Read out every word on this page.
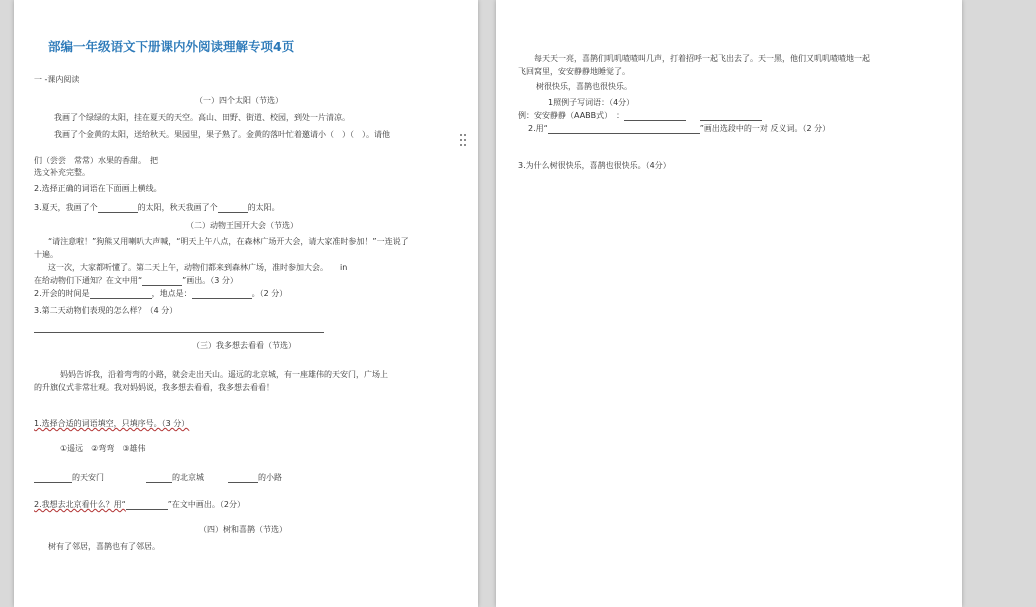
部编一年级语文下册课内外阅读理解专项4页
一 -课内阅读
（一）四个太阳（节选）
我画了个绿绿的太阳，挂在夏天的天空。高山、田野、街道、校园，到处一片清凉。
我画了个金黄的太阳，送给秋天。果园里，果子熟了。金黄的落叶忙着邀请小（　）（　）。请他
们（尝尝　常常）水果的香甜。　把
选文补充完整。
2.选择正确的词语在下面画上横线。
3.夏天，我画了个	的太阳，秋天我画了个	的太阳。
（二）动物王国开大会（节选）
“请注意啦！”狗熊又用喇叭大声喊，“明天上午八点，在森林广场开大会，请大家准时参加！”一连说了
十遍。
这一次，大家都听懂了。第二天上午，动物们都来到森林广场，准时参加大会。　　in
在给动物们下通知？在文中用“	”画出。（3 分）
2.开会的时间是	，地点是：	。（2 分）
3.第二天动物们表现的怎么样？（4 分）
（三）我多想去看看（节选）
妈妈告诉我，沿着弯弯的小路，就会走出天山。遥远的北京城，有一座雄伟的天安门，广场上
的升旗仪式非常壮观。我对妈妈说，我多想去看看，我多想去看看！
1.选择合适的词语填空，只填序号。（3 分）
①遥远　②弯弯　③雄伟
的天安门	的北京城	的小路
2.我想去北京看什么？用“	”在文中画出。（2分）
（四）树和喜鹊（节选）
树有了邻居，喜鹊也有了邻居。
每天天一亮，喜鹊们叽叽喳喳叫几声，打着招呼一起飞出去了。天一黑，他们又叽叽喳喳地一起
飞回窝里，安安静静地睡觉了。
树很快乐，喜鹊也很快乐。
1照例子写词语：（4分）
例：安安静静（AABB式）　：
2.用“	”画出选段中的一对 反义词。（2 分）
3.为什么树很快乐，喜鹊也很快乐。（4分）
